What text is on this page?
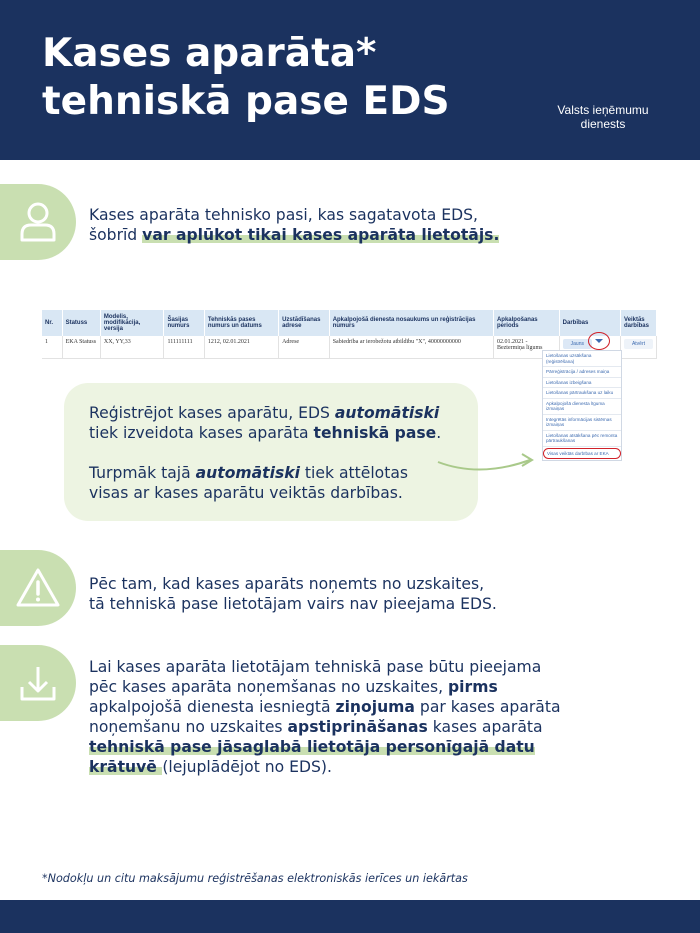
Kases aparāta*
tehniskā pase EDS	Valsts ieņēmumu
dienests
Kases aparāta tehnisko pasi, kas sagatavota EDS,
šobrīd var aplūkot tikai kases aparāta lietotājs.
Nr.	Statuss	Modelis, modifikācija, versija	Šasijas numurs	Tehniskās pases numurs un datums	Uzstādīšanas adrese	Apkalpojošā dienesta nosaukums un reģistrācijas numurs	Apkalpošanas periods	Darbības	Veiktās darbības
1	EKA Statuss	XX, YY,33	111111111	1212, 02.01.2021	Adrese	Sabiedrība ar ierobežotu atbildību "X", 40000000000	02.01.2021 -
Beztermiņa līgums	Jauns	Atvērt
Lietošanas uzsākšana (reģistrēšana)
Pārreģistrācija / adreses maiņa
Lietošanas izbeigšana
Lietošanas pārtraukšana uz laiku
Apkalpojošā dienesta līguma izmaiņas
Integrētās informācijas sistēmas izmaiņas
Lietošanas atsākšana pēc remonta pārtraukšanas
Visas veiktās darbības ar EKA

Reģistrējot kases aparātu, EDS automātiski
tiek izveidota kases aparāta tehniskā pase.

Turpmāk tajā automātiski tiek attēlotas
visas ar kases aparātu veiktās darbības.

Pēc tam, kad kases aparāts noņemts no uzskaites,
tā tehniskā pase lietotājam vairs nav pieejama EDS.
Lai kases aparāta lietotājam tehniskā pase būtu pieejama
pēc kases aparāta noņemšanas no uzskaites, pirms
apkalpojošā dienesta iesniegtā ziņojuma par kases aparāta
noņemšanu no uzskaites apstiprināšanas kases aparāta
tehniskā pase jāsaglabā lietotāja personīgajā datu
krātuvē (lejuplādējot no EDS).
*Nodokļu un citu maksājumu reģistrēšanas elektroniskās ierīces un iekārtas
